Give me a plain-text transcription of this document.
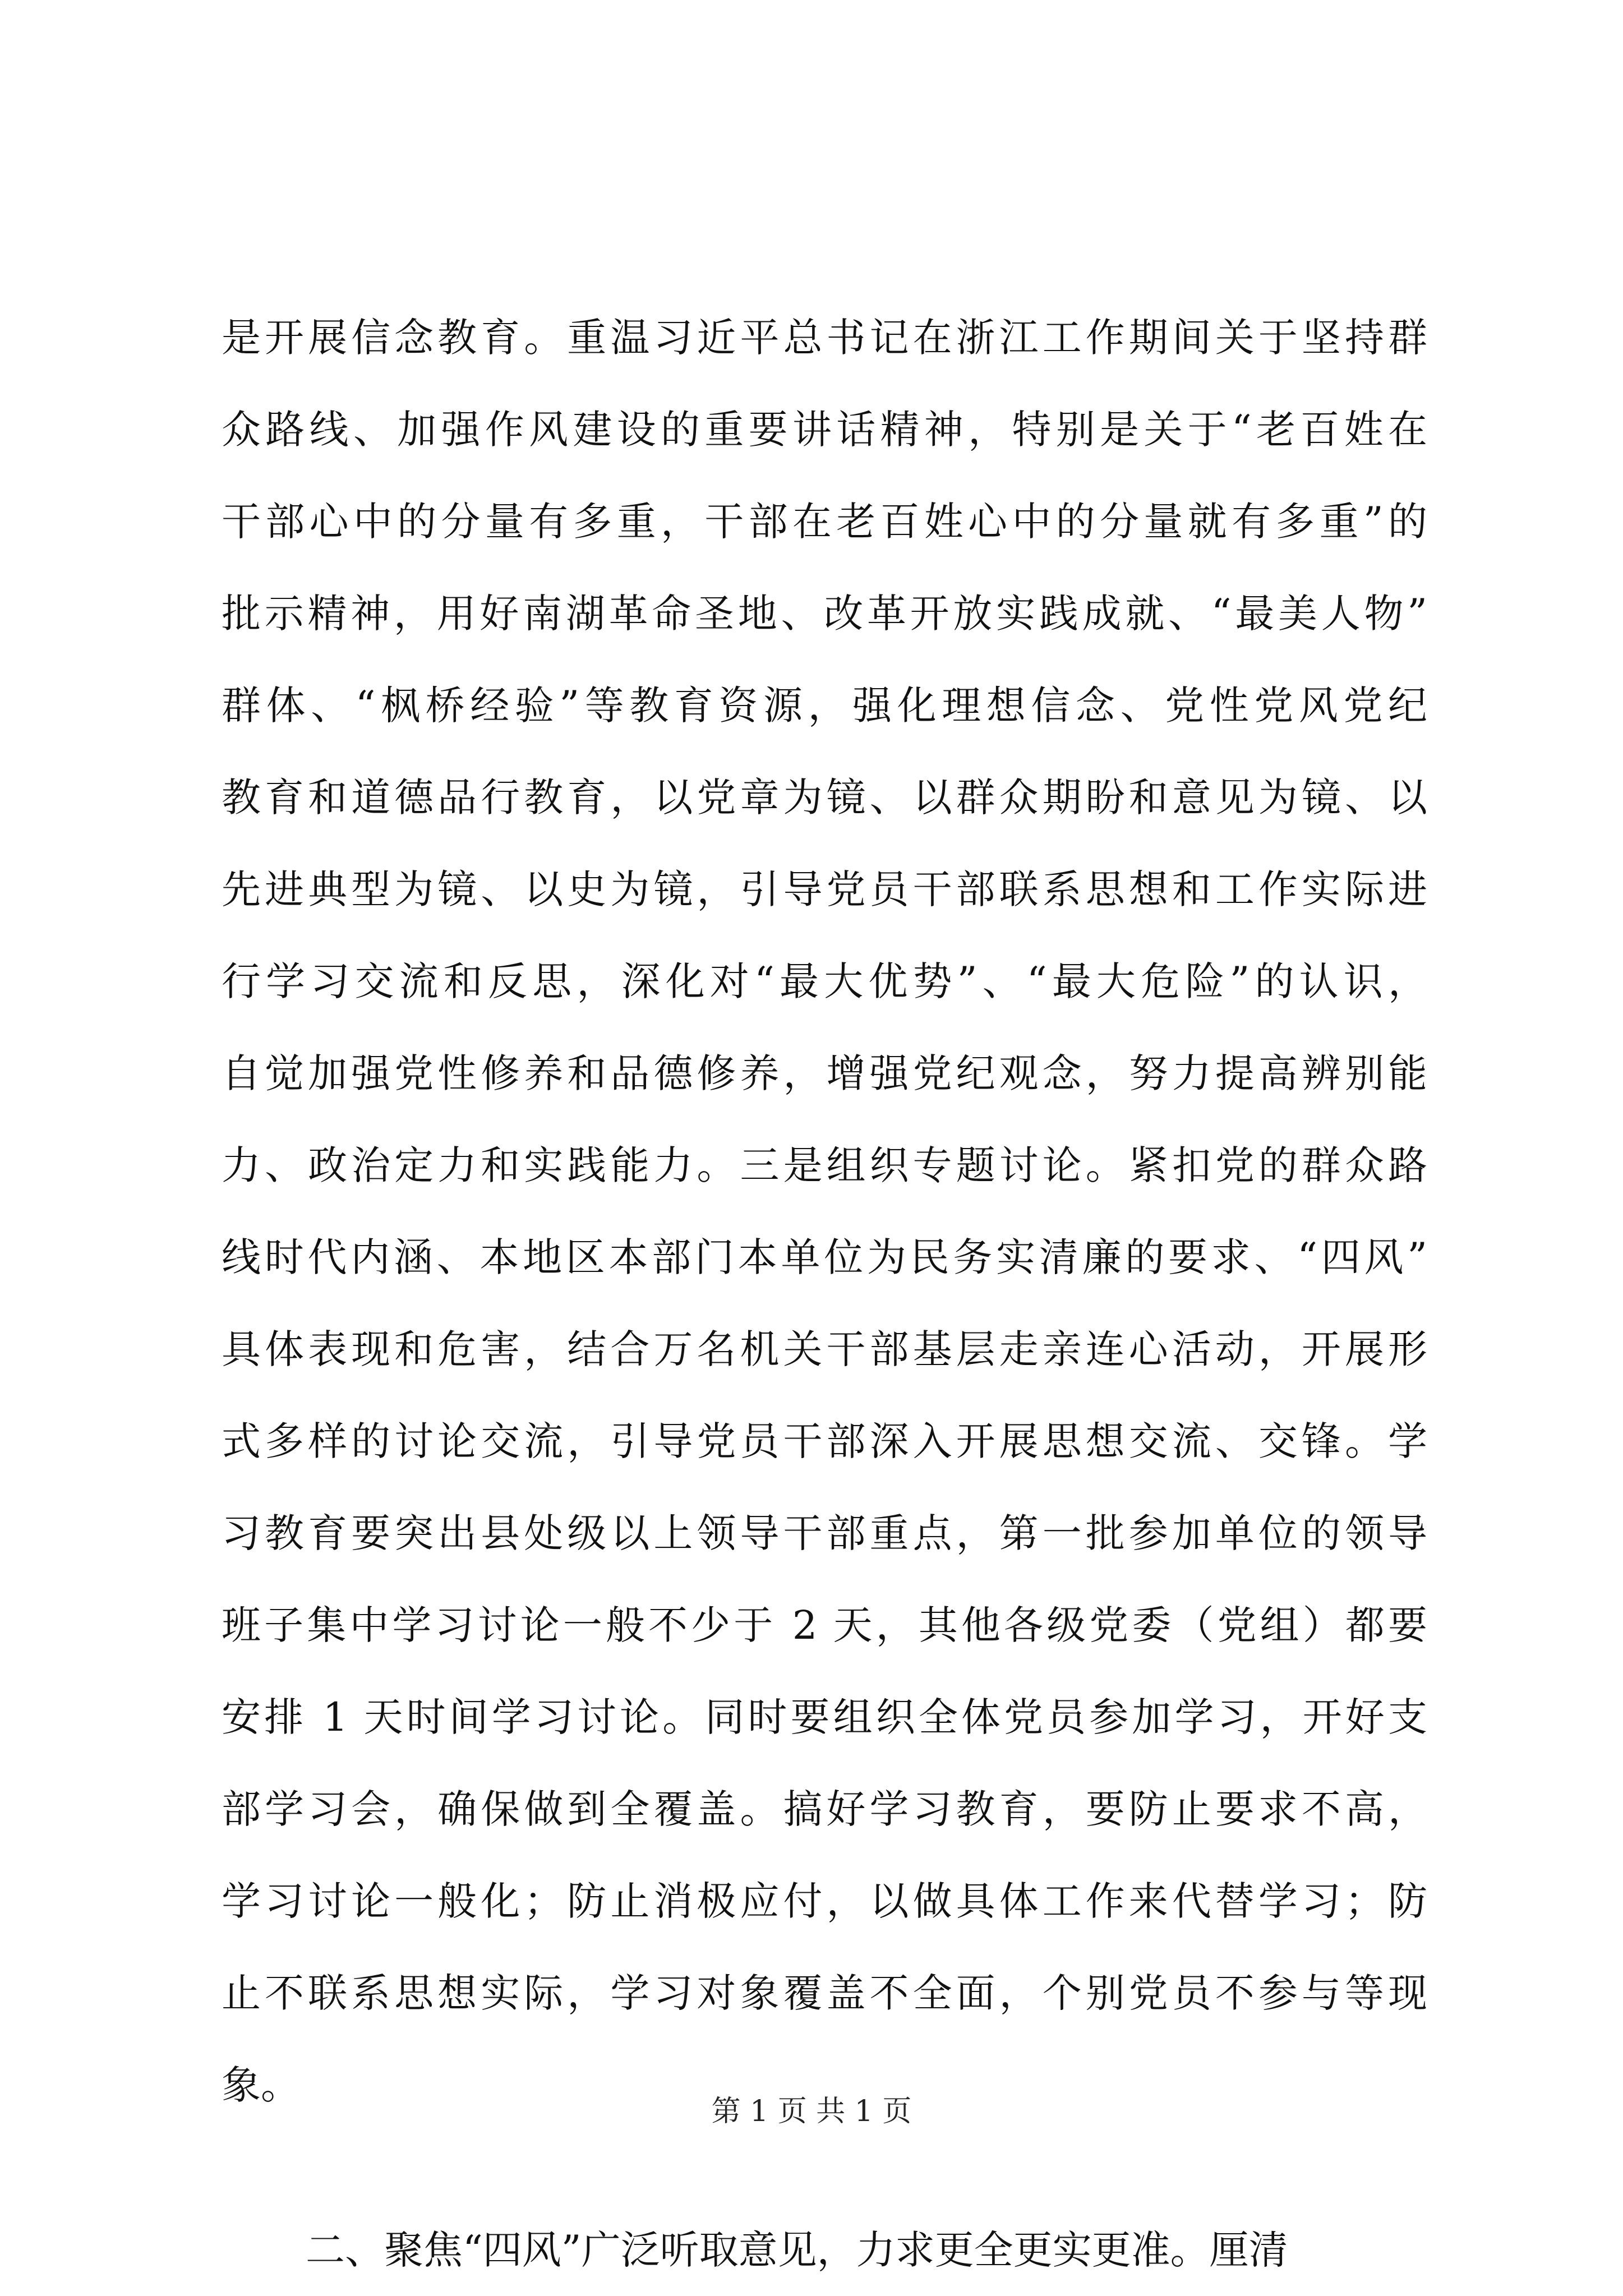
是开展信念教育。重温习近平总书记在浙江工作期间关于坚持群
众路线、加强作风建设的重要讲话精神，特别是关于“老百姓在
干部心中的分量有多重，干部在老百姓心中的分量就有多重”的
批示精神，用好南湖革命圣地、改革开放实践成就、“最美人物”
群体、“枫桥经验”等教育资源，强化理想信念、党性党风党纪
教育和道德品行教育，以党章为镜、以群众期盼和意见为镜、以
先进典型为镜、以史为镜，引导党员干部联系思想和工作实际进
行学习交流和反思，深化对“最大优势”、“最大危险”的认识，
自觉加强党性修养和品德修养，增强党纪观念，努力提高辨别能
力、政治定力和实践能力。三是组织专题讨论。紧扣党的群众路
线时代内涵、本地区本部门本单位为民务实清廉的要求、“四风”
具体表现和危害，结合万名机关干部基层走亲连心活动，开展形
式多样的讨论交流，引导党员干部深入开展思想交流、交锋。学
习教育要突出县处级以上领导干部重点，第一批参加单位的领导
班子集中学习讨论一般不少于 2 天，其他各级党委（党组）都要
安排 1 天时间学习讨论。同时要组织全体党员参加学习，开好支
部学习会，确保做到全覆盖。搞好学习教育，要防止要求不高，
学习讨论一般化；防止消极应付，以做具体工作来代替学习；防
止不联系思想实际，学习对象覆盖不全面，个别党员不参与等现
象。
二、聚焦“四风”广泛听取意见，力求更全更实更准。厘清
第 1 页 共 1 页
